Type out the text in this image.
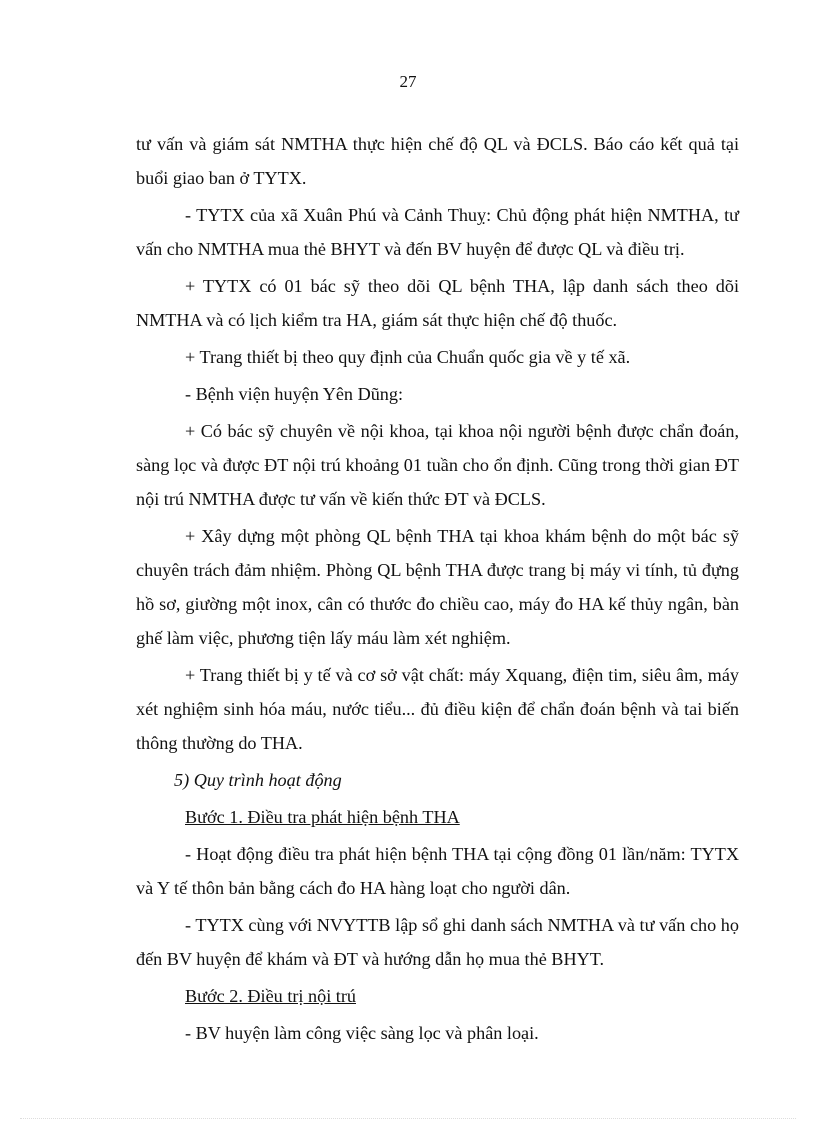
27

tư vấn và giám sát NMTHA thực hiện chế độ QL và ĐCLS. Báo cáo kết quả tại buổi giao ban ở TYTX.

- TYTX của xã Xuân Phú và Cảnh Thuỵ: Chủ động phát hiện NMTHA, tư vấn cho NMTHA mua thẻ BHYT và đến BV huyện để được QL và điều trị.

+ TYTX có 01 bác sỹ theo dõi QL bệnh THA, lập danh sách theo dõi NMTHA và có lịch kiểm tra HA, giám sát thực hiện chế độ thuốc.

+ Trang thiết bị theo quy định của Chuẩn quốc gia về y tế xã.

- Bệnh viện huyện Yên Dũng:

+ Có bác sỹ chuyên về nội khoa, tại khoa nội người bệnh được chẩn đoán, sàng lọc và được ĐT nội trú khoảng 01 tuần cho ổn định. Cũng trong thời gian ĐT nội trú NMTHA được tư vấn về kiến thức ĐT và ĐCLS.

+ Xây dựng một phòng QL bệnh THA tại khoa khám bệnh do một bác sỹ chuyên trách đảm nhiệm. Phòng QL bệnh THA được trang bị máy vi tính, tủ đựng hồ sơ, giường một inox, cân có thước đo chiều cao, máy đo HA kế thủy ngân, bàn ghế làm việc, phương tiện lấy máu làm xét nghiệm.

+ Trang thiết bị y tế và cơ sở vật chất: máy Xquang, điện tim, siêu âm, máy xét nghiệm sinh hóa máu, nước tiểu... đủ điều kiện để chẩn đoán bệnh và tai biến thông thường do THA.

5) Quy trình hoạt động
Bước 1. Điều tra phát hiện bệnh THA

- Hoạt động điều tra phát hiện bệnh THA tại cộng đồng 01 lần/năm: TYTX và Y tế thôn bản bằng cách đo HA hàng loạt cho người dân.

- TYTX cùng với NVYTTB lập sổ ghi danh sách NMTHA và tư vấn cho họ đến BV huyện để khám và ĐT và hướng dẫn họ mua thẻ BHYT.

Bước 2. Điều trị nội trú

- BV huyện làm công việc sàng lọc và phân loại.
